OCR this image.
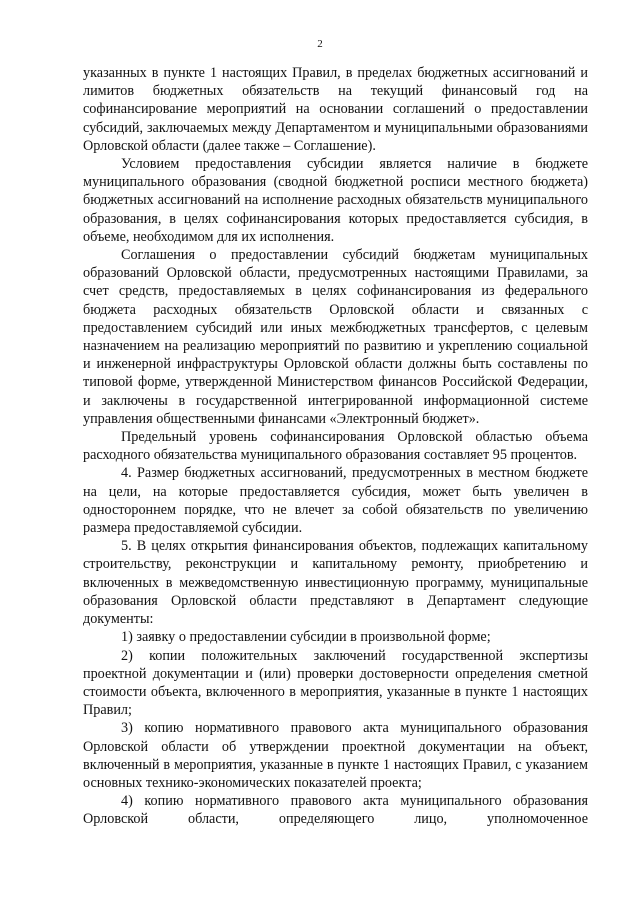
2

указанных в пункте 1 настоящих Правил, в пределах бюджетных ассигнований и лимитов бюджетных обязательств на текущий финансовый год на софинансирование мероприятий на основании соглашений о предоставлении субсидий, заключаемых между Департаментом и муниципальными образованиями Орловской области (далее также – Соглашение).

Условием предоставления субсидии является наличие в бюджете муниципального образования (сводной бюджетной росписи местного бюджета) бюджетных ассигнований на исполнение расходных обязательств муниципального образования, в целях софинансирования которых предоставляется субсидия, в объеме, необходимом для их исполнения.

Соглашения о предоставлении субсидий бюджетам муниципальных образований Орловской области, предусмотренных настоящими Правилами, за счет средств, предоставляемых в целях софинансирования из федерального бюджета расходных обязательств Орловской области и связанных с предоставлением субсидий или иных межбюджетных трансфертов, с целевым назначением на реализацию мероприятий по развитию и укреплению социальной и инженерной инфраструктуры Орловской области должны быть составлены по типовой форме, утвержденной Министерством финансов Российской Федерации, и заключены в государственной интегрированной информационной системе управления общественными финансами «Электронный бюджет».

Предельный уровень софинансирования Орловской областью объема расходного обязательства муниципального образования составляет 95 процентов.

4. Размер бюджетных ассигнований, предусмотренных в местном бюджете на цели, на которые предоставляется субсидия, может быть увеличен в одностороннем порядке, что не влечет за собой обязательств по увеличению размера предоставляемой субсидии.

5. В целях открытия финансирования объектов, подлежащих капитальному строительству, реконструкции и капитальному ремонту, приобретению и включенных в межведомственную инвестиционную программу, муниципальные образования Орловской области представляют в Департамент следующие документы:

1) заявку о предоставлении субсидии в произвольной форме;

2) копии положительных заключений государственной экспертизы проектной документации и (или) проверки достоверности определения сметной стоимости объекта, включенного в мероприятия, указанные в пункте 1 настоящих Правил;

3) копию нормативного правового акта муниципального образования Орловской области об утверждении проектной документации на объект, включенный в мероприятия, указанные в пункте 1 настоящих Правил, с указанием основных технико-экономических показателей проекта;

4) копию нормативного правового акта муниципального образования Орловской области, определяющего лицо, уполномоченное
